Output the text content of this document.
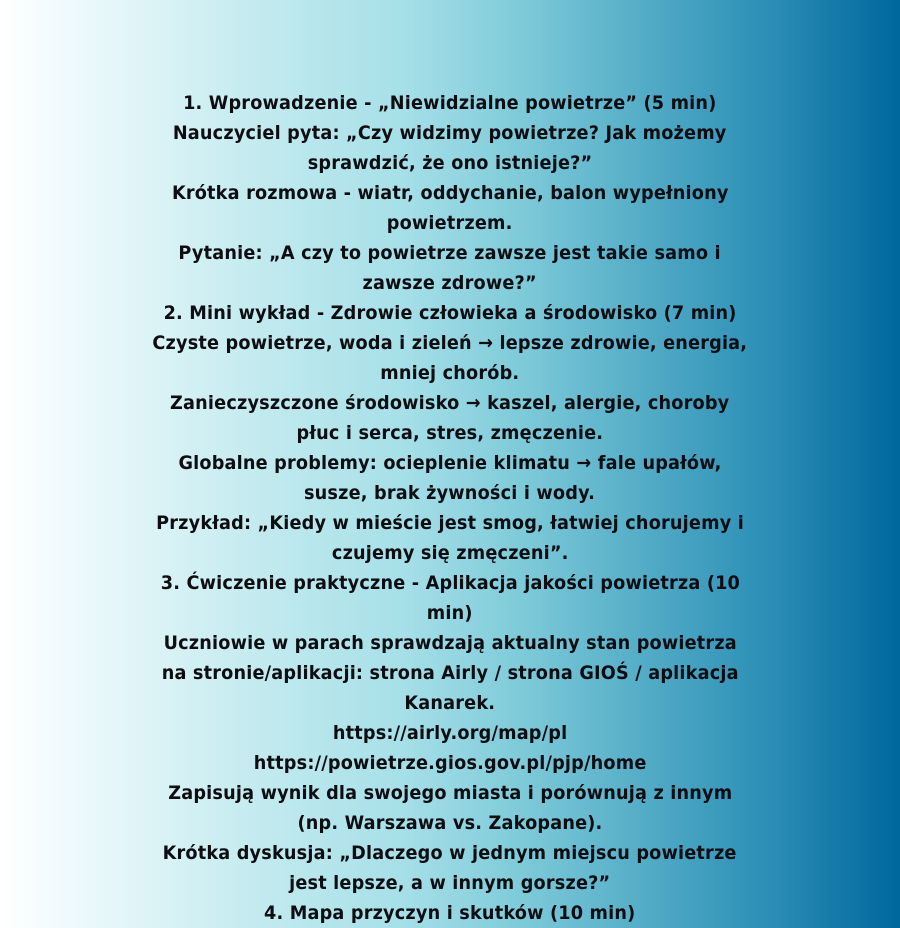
1. Wprowadzenie - „Niewidzialne powietrze” (5 min)
Nauczyciel pyta: „Czy widzimy powietrze? Jak możemy
sprawdzić, że ono istnieje?”
Krótka rozmowa - wiatr, oddychanie, balon wypełniony
powietrzem.
Pytanie: „A czy to powietrze zawsze jest takie samo i
zawsze zdrowe?”
2. Mini wykład - Zdrowie człowieka a środowisko (7 min)
Czyste powietrze, woda i zieleń → lepsze zdrowie, energia,
mniej chorób.
Zanieczyszczone środowisko → kaszel, alergie, choroby
płuc i serca, stres, zmęczenie.
Globalne problemy: ocieplenie klimatu → fale upałów,
susze, brak żywności i wody.
Przykład: „Kiedy w mieście jest smog, łatwiej chorujemy i
czujemy się zmęczeni”.
3. Ćwiczenie praktyczne - Aplikacja jakości powietrza (10
min)
Uczniowie w parach sprawdzają aktualny stan powietrza
na stronie/aplikacji: strona Airly / strona GIOŚ / aplikacja
Kanarek.
https://airly.org/map/pl
https://powietrze.gios.gov.pl/pjp/home
Zapisują wynik dla swojego miasta i porównują z innym
(np. Warszawa vs. Zakopane).
Krótka dyskusja: „Dlaczego w jednym miejscu powietrze
jest lepsze, a w innym gorsze?”
4. Mapa przyczyn i skutków (10 min)
